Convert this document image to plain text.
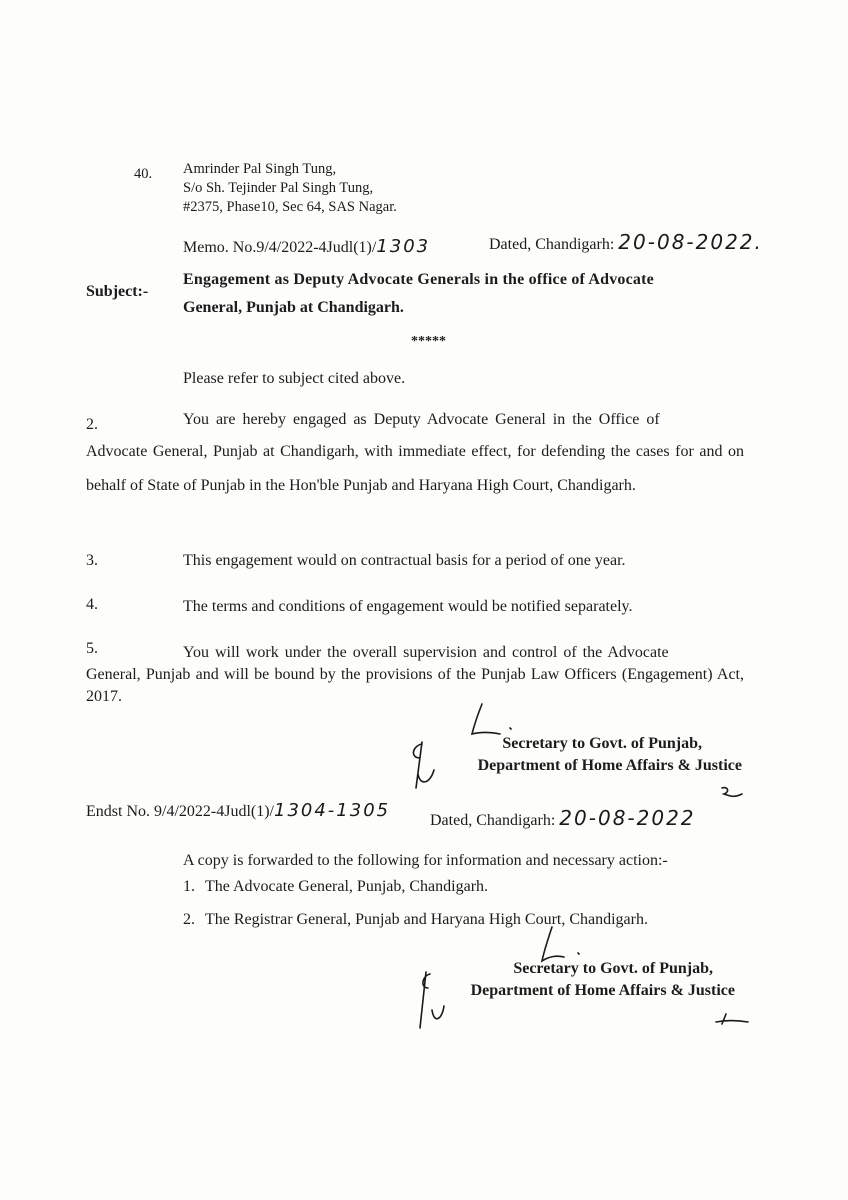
40. Amrinder Pal Singh Tung,
S/o Sh. Tejinder Pal Singh Tung,
#2375, Phase10, Sec 64, SAS Nagar.
Memo. No.9/4/2022-4Judl(1)/1303	Dated, Chandigarh: 20-08-2022.
Subject:-
Engagement as Deputy Advocate Generals in the office of Advocate
General, Punjab at Chandigarh.
*****
Please refer to subject cited above.
2.	You are hereby engaged as Deputy Advocate General in the Office of
Advocate General, Punjab at Chandigarh, with immediate effect, for defending the cases for and on behalf of State of Punjab in the Hon'ble Punjab and Haryana High Court, Chandigarh.
3.	This engagement would on contractual basis for a period of one year.
4.	The terms and conditions of engagement would be notified separately.
5.	You will work under the overall supervision and control of the Advocate
General, Punjab and will be bound by the provisions of the Punjab Law Officers (Engagement) Act, 2017.
Secretary to Govt. of Punjab,
Department of Home Affairs & Justice
Endst No. 9/4/2022-4Judl(1)/1304-1305 Dated, Chandigarh: 20-08-2022
A copy is forwarded to the following for information and necessary action:-
1. The Advocate General, Punjab, Chandigarh.
2. The Registrar General, Punjab and Haryana High Court, Chandigarh.
Secretary to Govt. of Punjab,
Department of Home Affairs & Justice
